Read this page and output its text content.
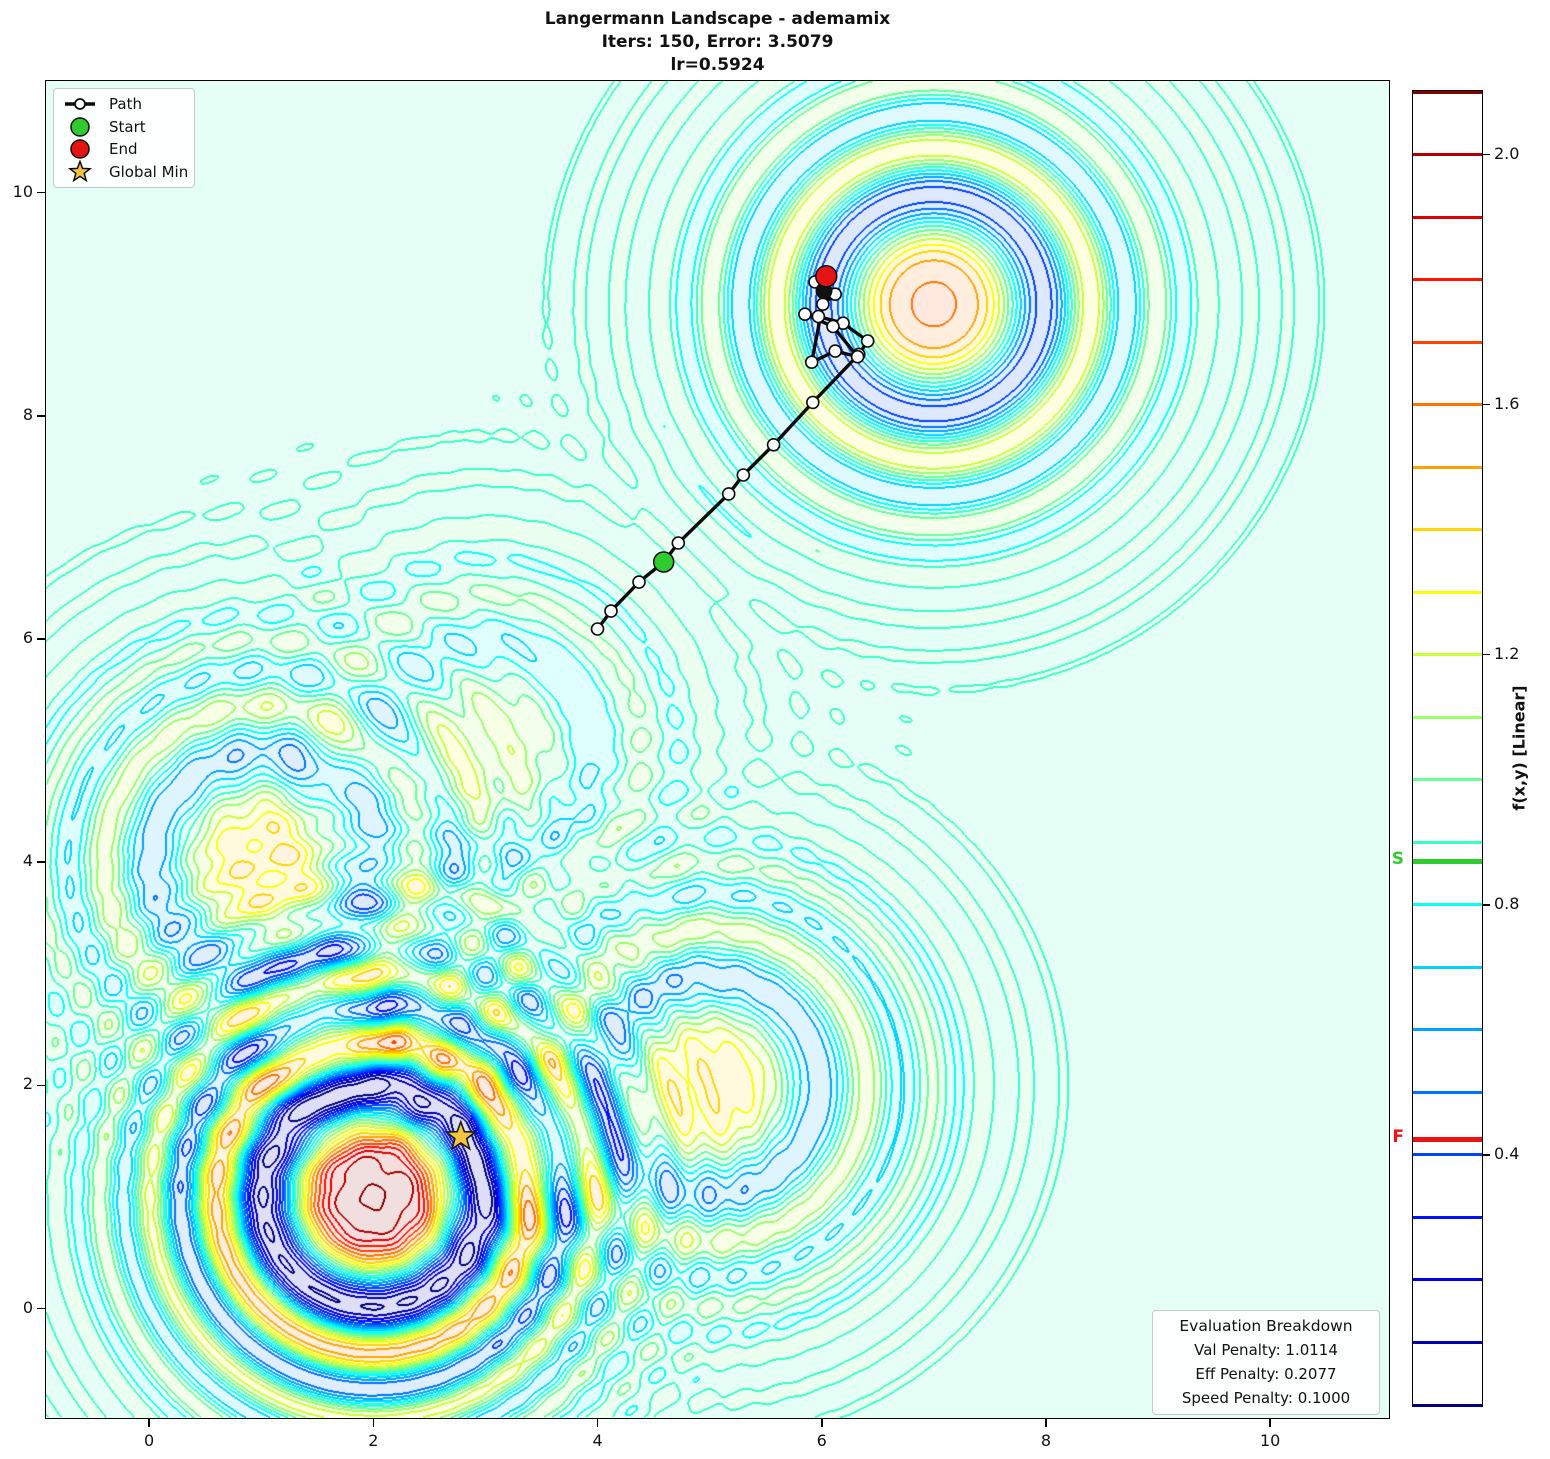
Langermann Landscape - ademamix
Iters: 150, Error: 3.5079
lr=0.5924
Path
Start
End
Global Min
Evaluation Breakdown
Val Penalty: 1.0114
Eff Penalty: 0.2077
Speed Penalty: 0.1000
f(x,y) [Linear]
0	2	4	6	8	10
0
2
4
6
8
10
2.0
1.6
1.2
0.8
0.4
S
F
